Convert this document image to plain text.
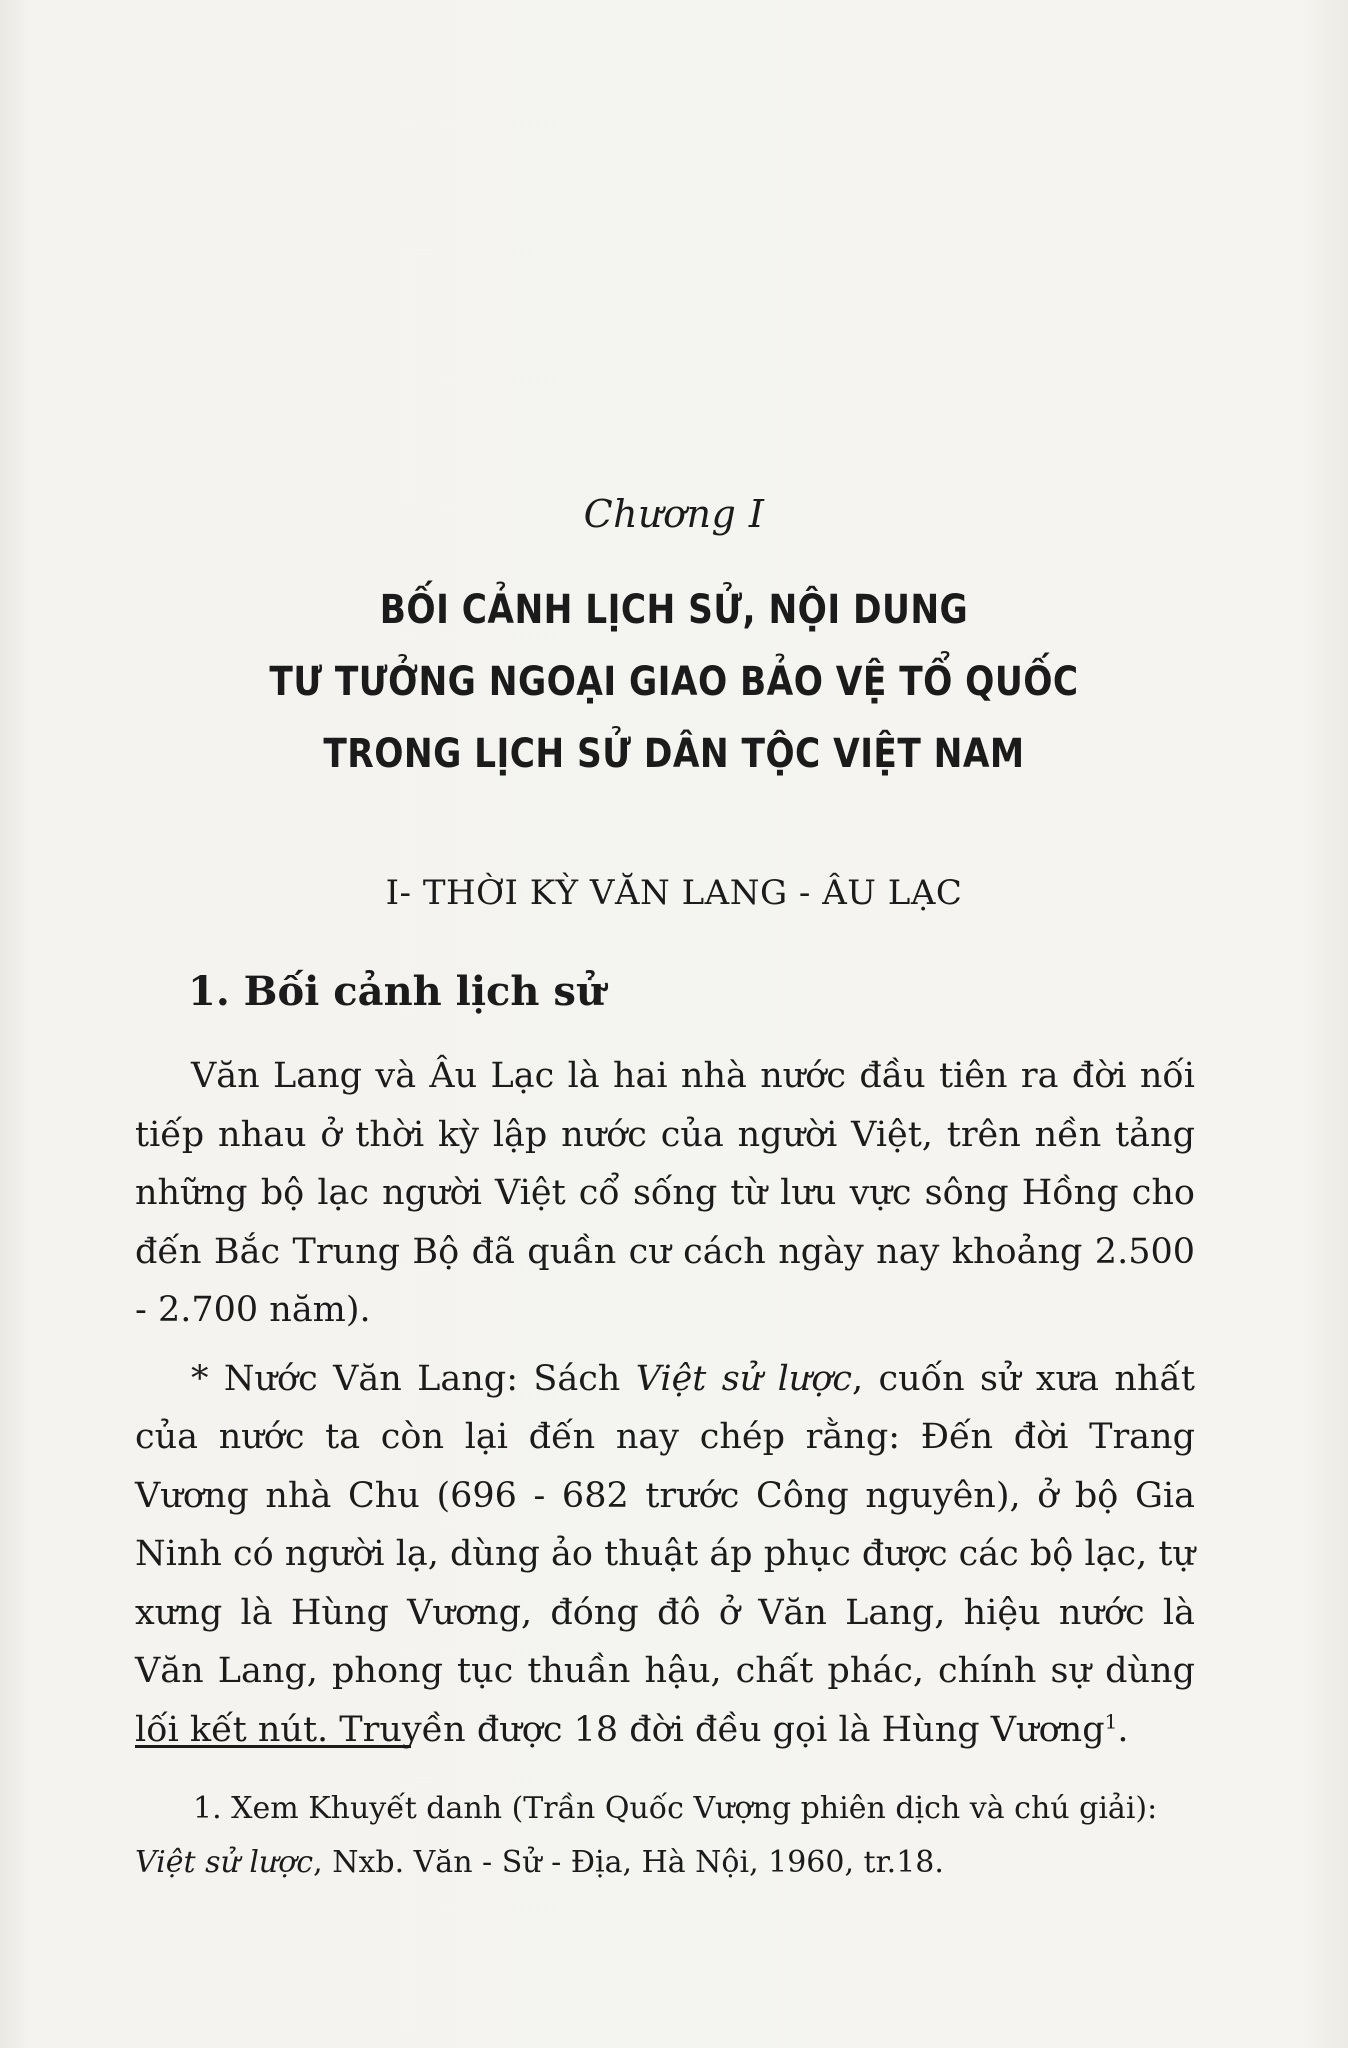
Chương I
BỐI CẢNH LỊCH SỬ, NỘI DUNG
TƯ TƯỞNG NGOẠI GIAO BẢO VỆ TỔ QUỐC
TRONG LỊCH SỬ DÂN TỘC VIỆT NAM
I- THỜI KỲ VĂN LANG - ÂU LẠC
1. Bối cảnh lịch sử

Văn Lang và Âu Lạc là hai nhà nước đầu tiên ra đời nối tiếp nhau ở thời kỳ lập nước của người Việt, trên nền tảng những bộ lạc người Việt cổ sống từ lưu vực sông Hồng cho đến Bắc Trung Bộ đã quần cư cách ngày nay khoảng 2.500 - 2.700 năm).

* Nước Văn Lang: Sách Việt sử lược, cuốn sử xưa nhất của nước ta còn lại đến nay chép rằng: Đến đời Trang Vương nhà Chu (696 - 682 trước Công nguyên), ở bộ Gia Ninh có người lạ, dùng ảo thuật áp phục được các bộ lạc, tự xưng là Hùng Vương, đóng đô ở Văn Lang, hiệu nước là Văn Lang, phong tục thuần hậu, chất phác, chính sự dùng lối kết nút. Truyền được 18 đời đều gọi là Hùng Vương$^1$.

1. Xem Khuyết danh (Trần Quốc Vượng phiên dịch và chú giải):
Việt sử lược, Nxb. Văn - Sử - Địa, Hà Nội, 1960, tr.18.
